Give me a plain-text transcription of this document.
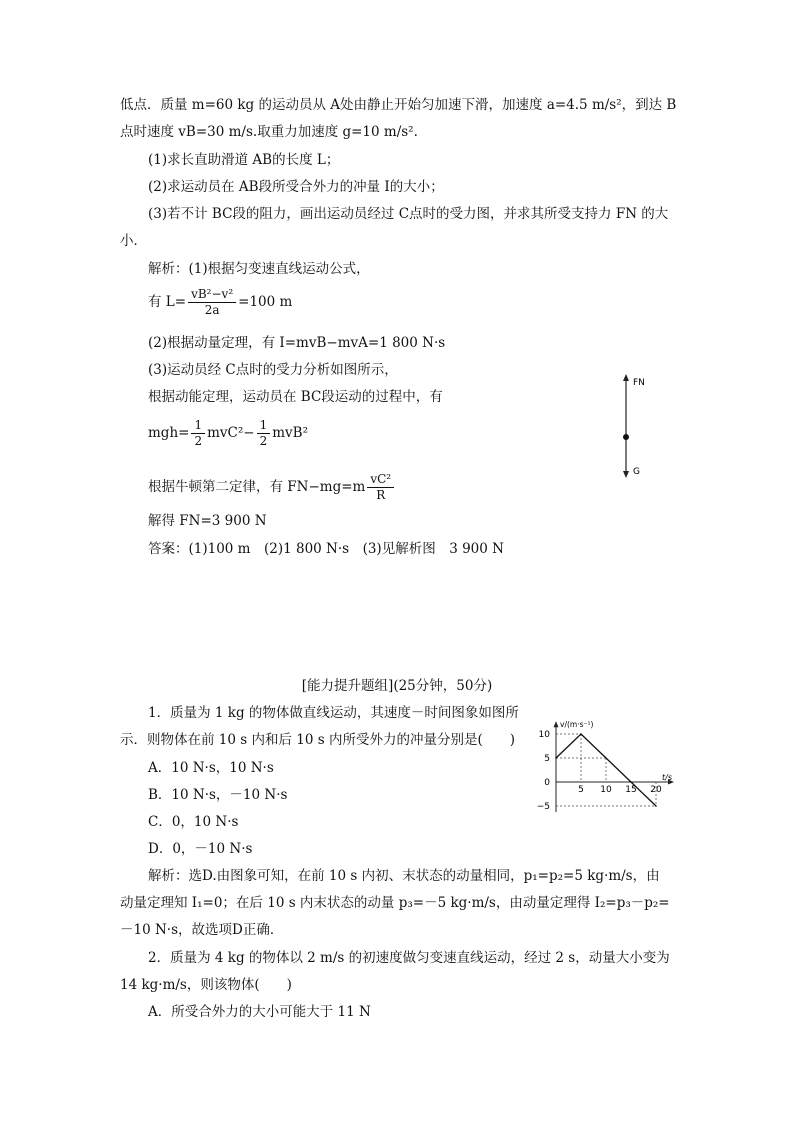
低点．质量 m=60 kg 的运动员从 A处由静止开始匀加速下滑，加速度 a=4.5 m/s²，到达 B
点时速度 vB=30 m/s.取重力加速度 g=10 m/s².
(1)求长直助滑道 AB的长度 L；
(2)求运动员在 AB段所受合外力的冲量 I的大小；
(3)若不计 BC段的阻力，画出运动员经过 C点时的受力图，并求其所受支持力 FN 的大
小．
解析：(1)根据匀变速直线运动公式，
有 $L= \frac{\text{vB²−v²}}{2a} =100$ m
(2)根据动量定理，有 I=mvB−mvA=1 800 N·s
(3)运动员经 C点时的受力分析如图所示，
根据动能定理，运动员在 BC段运动的过程中，有
$mgh= \frac{1}{2} mvC^2- \frac{1}{2} mvB^2$
根据牛顿第二定律，有 $FN-mg=m \frac{\text{vC²}}{R}$
解得 FN=3 900 N
答案：(1)100 m　(2)1 800 N·s　(3)见解析图　3 900 N
FN
G
[能力提升题组](25分钟，50分)
1．质量为 1 kg 的物体做直线运动，其速度－时间图象如图所
示．则物体在前 10 s 内和后 10 s 内所受外力的冲量分别是(　　)
A．10 N·s，10 N·s
B．10 N·s，－10 N·s
C．0，10 N·s
D．0，－10 N·s
解析：选D.由图象可知，在前 10 s 内初、末状态的动量相同，p₁=p₂=5 kg·m/s，由
动量定理知 I₁=0；在后 10 s 内末状态的动量 p₃=－5 kg·m/s，由动量定理得 I₂=p₃－p₂=
－10 N·s，故选项D正确．
2．质量为 4 kg 的物体以 2 m/s 的初速度做匀变速直线运动，经过 2 s，动量大小变为
14 kg·m/s，则该物体(　　)
A．所受合外力的大小可能大于 11 N
5 10 15 20
10
5
0
−5
v/(m·s⁻¹)
t/s
